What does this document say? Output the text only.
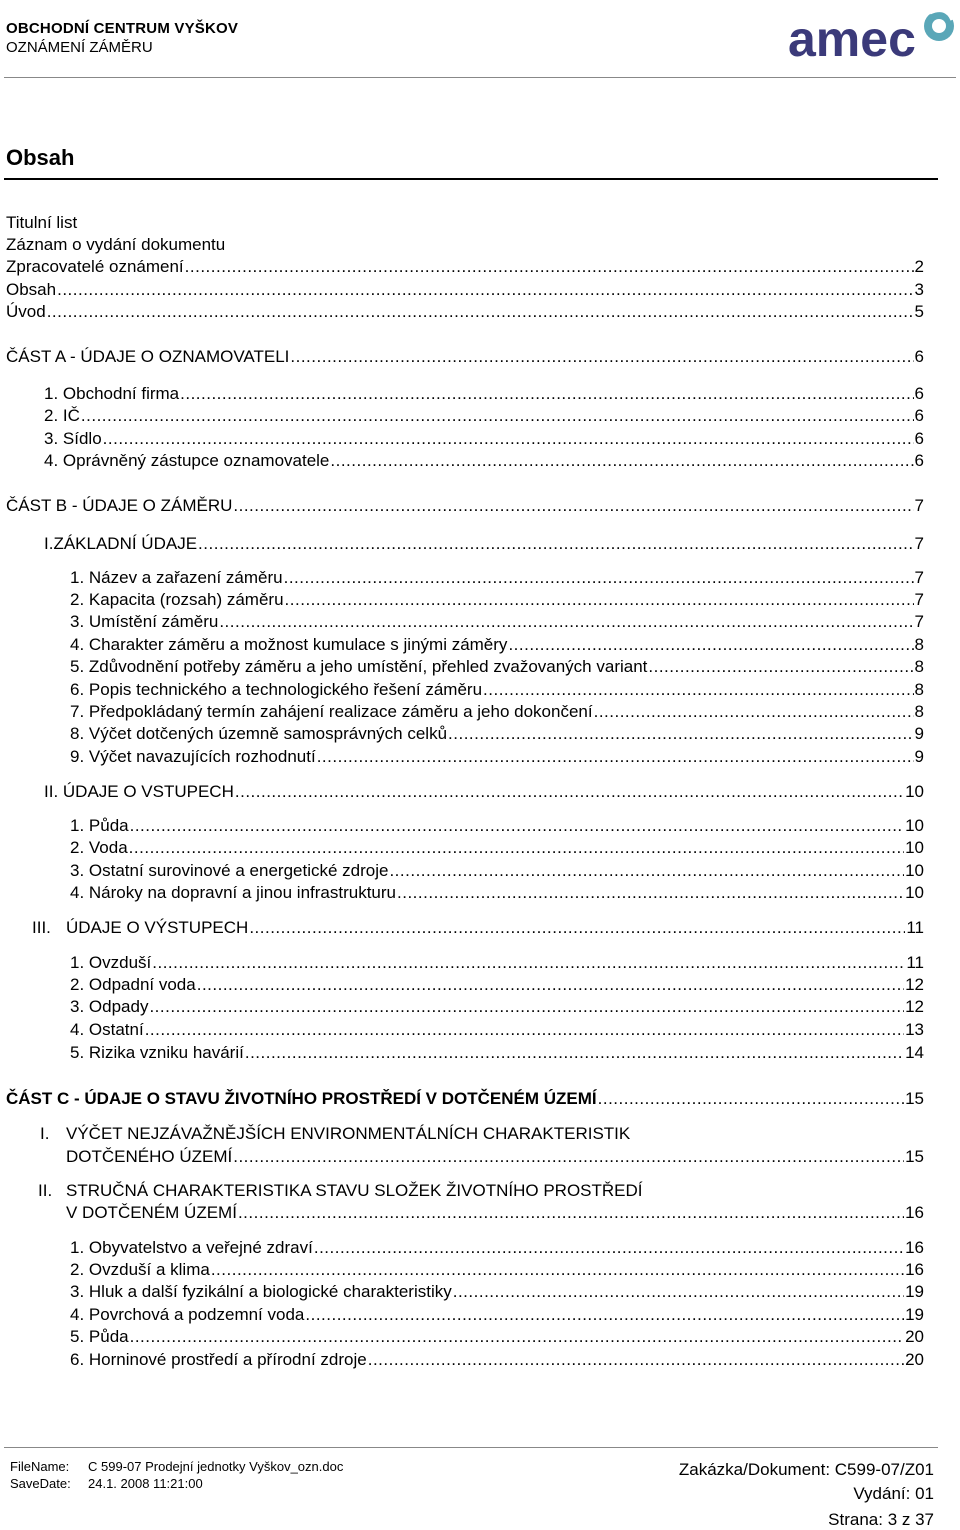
OBCHODNÍ CENTRUM VYŠKOV
OZNÁMENÍ ZÁMĚRU	amec
Obsah
Titulní list
Záznam o vydání dokumentu
Zpracovatelé oznámení .....	2
Obsah .....	3
Úvod .....	5
ČÁST A - ÚDAJE O OZNAMOVATELI .....	6
1. Obchodní firma .....	6
2. IČ .....	6
3. Sídlo .....	6
4. Oprávněný zástupce oznamovatele .....	6
ČÁST B - ÚDAJE O ZÁMĚRU .....	7
I.ZÁKLADNÍ ÚDAJE .....	7
1. Název a zařazení záměru .....	7
2. Kapacita (rozsah) záměru .....	7
3. Umístění záměru .....	7
4. Charakter záměru a možnost kumulace s jinými záměry .....	8
5. Zdůvodnění potřeby záměru a jeho umístění, přehled zvažovaných variant .....	8
6. Popis technického a technologického řešení záměru .....	8
7. Předpokládaný termín zahájení realizace záměru a jeho dokončení .....	8
8. Výčet dotčených územně samosprávných celků .....	9
9. Výčet navazujících rozhodnutí .....	9
II. ÚDAJE O VSTUPECH .....	10
1. Půda .....	10
2. Voda .....	10
3. Ostatní surovinové a energetické zdroje .....	10
4. Nároky na dopravní a jinou infrastrukturu .....	10
III. ÚDAJE O VÝSTUPECH .....	11
1. Ovzduší .....	11
2. Odpadní voda .....	12
3. Odpady .....	12
4. Ostatní .....	13
5. Rizika vzniku havárií .....	14
ČÁST C - ÚDAJE O STAVU ŽIVOTNÍHO PROSTŘEDÍ V DOTČENÉM ÚZEMÍ .....	15
I. VÝČET NEJZÁVAŽNĚJŠÍCH ENVIRONMENTÁLNÍCH CHARAKTERISTIK
DOTČENÉHO ÚZEMÍ .....	15
II. STRUČNÁ CHARAKTERISTIKA STAVU SLOŽEK ŽIVOTNÍHO PROSTŘEDÍ
V DOTČENÉM ÚZEMÍ .....	16
1. Obyvatelstvo a veřejné zdraví .....	16
2. Ovzduší a klima .....	16
3. Hluk a další fyzikální a biologické charakteristiky .....	19
4. Povrchová a podzemní voda .....	19
5. Půda .....	20
6. Horninové prostředí a přírodní zdroje .....	20
FileName: C 599-07 Prodejní jednotky Vyškov_ozn.doc
SaveDate: 24.1. 2008 11:21:00
Zakázka/Dokument: C599-07/Z01
Vydání: 01
Strana: 3 z 37
